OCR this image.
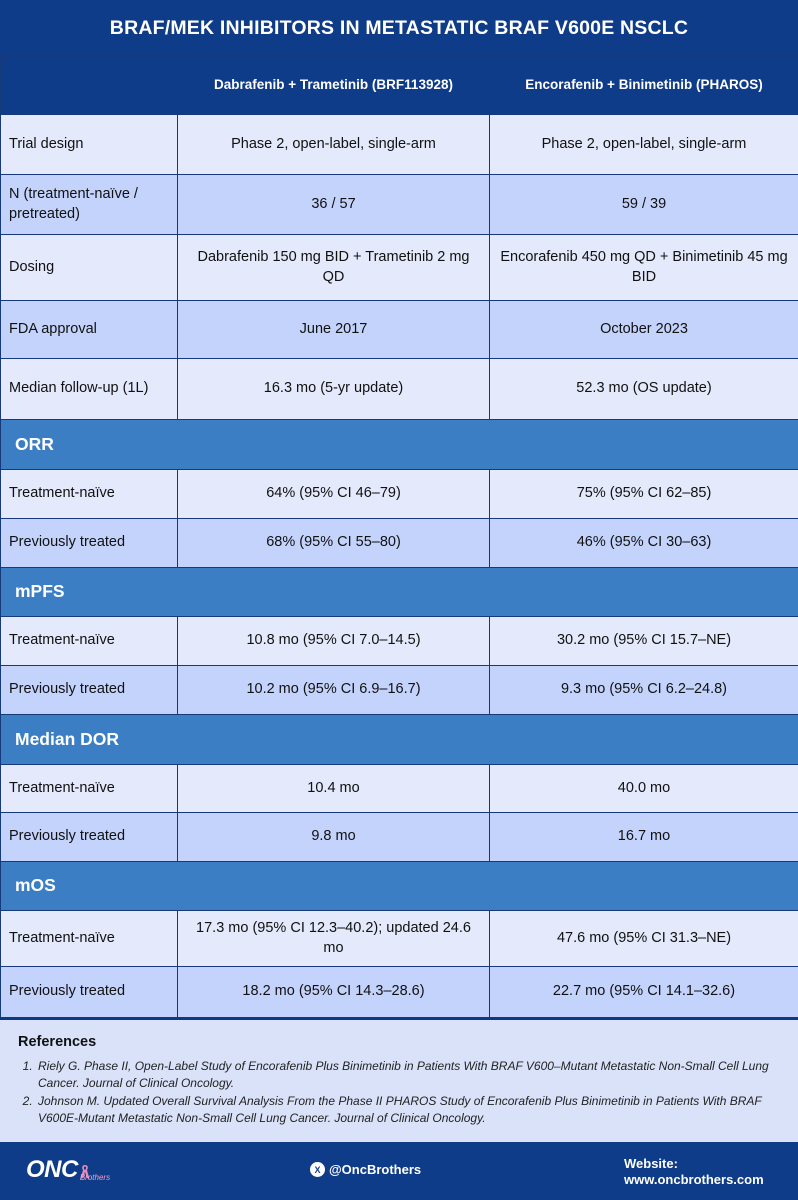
BRAF/MEK INHIBITORS IN METASTATIC BRAF V600E NSCLC
	Dabrafenib + Trametinib (BRF113928)	Encorafenib + Binimetinib (PHAROS)
Trial design	Phase 2, open-label, single-arm	Phase 2, open-label, single-arm
N (treatment-naïve / pretreated)	36 / 57	59 / 39
Dosing	Dabrafenib 150 mg BID + Trametinib 2 mg QD	Encorafenib 450 mg QD + Binimetinib 45 mg BID
FDA approval	June 2017	October 2023
Median follow-up (1L)	16.3 mo (5-yr update)	52.3 mo (OS update)
ORR		
Treatment-naïve	64% (95% CI 46–79)	75% (95% CI 62–85)
Previously treated	68% (95% CI 55–80)	46% (95% CI 30–63)
mPFS		
Treatment-naïve	10.8 mo (95% CI 7.0–14.5)	30.2 mo (95% CI 15.7–NE)
Previously treated	10.2 mo (95% CI 6.9–16.7)	9.3 mo (95% CI 6.2–24.8)
Median DOR		
Treatment-naïve	10.4 mo	40.0 mo
Previously treated	9.8 mo	16.7 mo
mOS		
Treatment-naïve	17.3 mo (95% CI 12.3–40.2); updated 24.6 mo	47.6 mo (95% CI 31.3–NE)
Previously treated	18.2 mo (95% CI 14.3–28.6)	22.7 mo (95% CI 14.1–32.6)
References
1. Riely G. Phase II, Open-Label Study of Encorafenib Plus Binimetinib in Patients With BRAF V600–Mutant Metastatic Non-Small Cell Lung Cancer. Journal of Clinical Oncology.
2. Johnson M. Updated Overall Survival Analysis From the Phase II PHAROS Study of Encorafenib Plus Binimetinib in Patients With BRAF V600E-Mutant Metastatic Non-Small Cell Lung Cancer. Journal of Clinical Oncology.
ONC Brothers
X @OncBrothers	Website:
www.oncbrothers.com
